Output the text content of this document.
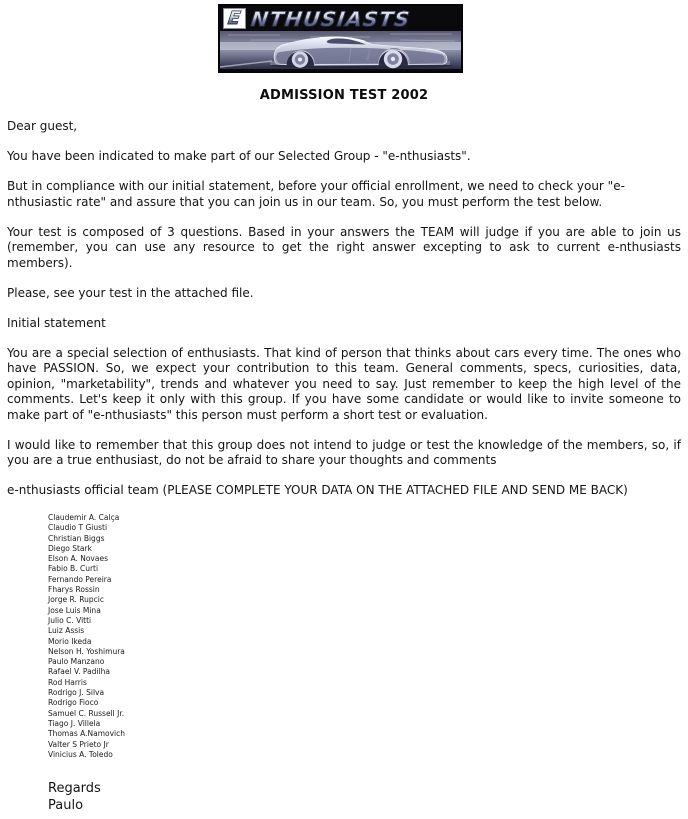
E NTHUSIASTS
ADMISSION TEST 2002

Dear guest,

You have been indicated to make part of our Selected Group - "e-nthusiasts".

But in compliance with our initial statement, before your official enrollment, we need to check your "e-nthusiastic rate" and assure that you can join us in our team. So, you must perform the test below.

Your test is composed of 3 questions. Based in your answers the TEAM will judge if you are able to join us (remember, you can use any resource to get the right answer excepting to ask to current e-nthusiasts members).

Please, see your test in the attached file.

Initial statement

You are a special selection of enthusiasts. That kind of person that thinks about cars every time. The ones who have PASSION. So, we expect your contribution to this team. General comments, specs, curiosities, data, opinion, "marketability", trends and whatever you need to say. Just remember to keep the high level of the comments. Let's keep it only with this group. If you have some candidate or would like to invite someone to make part of "e-nthusiasts" this person must perform a short test or evaluation.

I would like to remember that this group does not intend to judge or test the knowledge of the members, so, if you are a true enthusiast, do not be afraid to share your thoughts and comments

e-nthusiasts official team (PLEASE COMPLETE YOUR DATA ON THE ATTACHED FILE AND SEND ME BACK)

Claudemir A. Calça
Claudio T Giusti
Christian Biggs
Diego Stark
Elson A. Novaes
Fabio B. Curti
Fernando Pereira
Fharys Rossin
Jorge R. Rupcic
Jose Luis Mina
Julio C. Vitti
Luiz Assis
Morio Ikeda
Nelson H. Yoshimura
Paulo Manzano
Rafael V. Padilha
Rod Harris
Rodrigo J. Silva
Rodrigo Fioco
Samuel C. Russell Jr.
Tiago J. Villela
Thomas A.Namovich
Valter S Prieto Jr
Vinicius A. Toledo
Regards
Paulo
